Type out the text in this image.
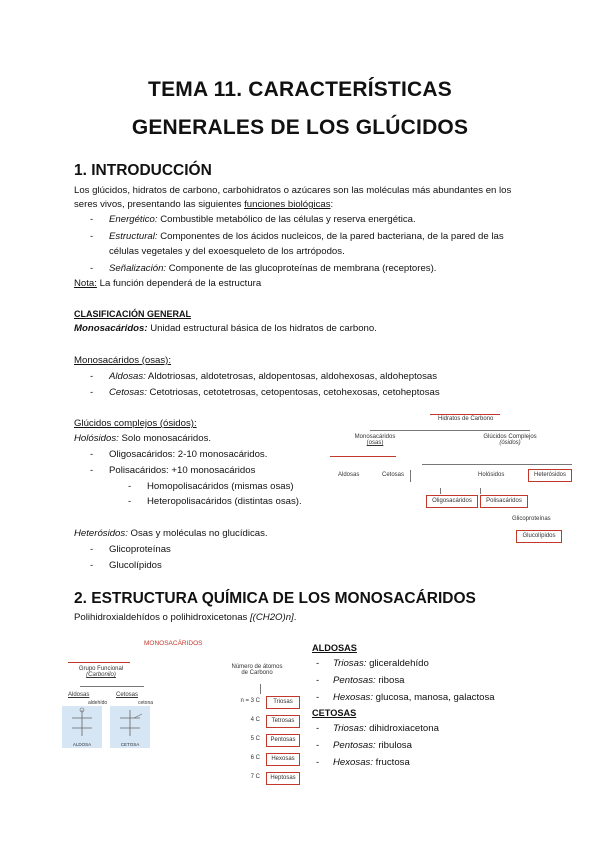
TEMA 11. CARACTERÍSTICAS
GENERALES DE LOS GLÚCIDOS
1. INTRODUCCIÓN
Los glúcidos, hidratos de carbono, carbohidratos o azúcares son las moléculas más abundantes en los
seres vivos, presentando las siguientes funciones biológicas:
- Energético: Combustible metabólico de las células y reserva energética.
- Estructural: Componentes de los ácidos nucleicos, de la pared bacteriana, de la pared de las
células vegetales y del exoesqueleto de los artrópodos.
- Señalización: Componente de las glucoproteínas de membrana (receptores).
Nota: La función dependerá de la estructura
CLASIFICACIÓN GENERAL
Monosacáridos: Unidad estructural básica de los hidratos de carbono.
Monosacáridos (osas):
- Aldosas: Aldotriosas, aldotetrosas, aldopentosas, aldohexosas, aldoheptosas
- Cetosas: Cetotriosas, cetotetrosas, cetopentosas, cetohexosas, cetoheptosas
Glúcidos complejos (ósidos):
Holósidos: Solo monosacáridos.
- Oligosacáridos: 2-10 monosacáridos.
- Polisacáridos: +10 monosacáridos
- Homopolisacáridos (mismas osas)
- Heteropolisacáridos (distintas osas).
Heterósidos: Osas y moléculas no glucídicas.
- Glicoproteínas
- Glucolípidos
Hidratos de Carbono
Monosacáridos
(osas)
Glúcidos Complejos
(ósidos)
Aldosas	Cetosas	Holósidos	Heterósidos
Oligosacáridos	Polisacáridos
Glicoproteínas
Glucolípidos
2. ESTRUCTURA QUÍMICA DE LOS MONOSACÁRIDOS
Polihidroxialdehídos o polihidroxicetonas [(CH2O)n].
MONOSACÁRIDOS
Grupo Funcional
(Carbonilo)
Aldosas
aldehído
Cetosas
cetona
ALDOSA	CETOSA
Número de átomos
de Carbono
n = 3 C	Triosas
4 C	Tetrosas
5 C	Pentosas
6 C	Hexosas
7 C	Heptosas
ALDOSAS
- Triosas: gliceraldehído
- Pentosas: ribosa
- Hexosas: glucosa, manosa, galactosa
CETOSAS
- Triosas: dihidroxiacetona
- Pentosas: ribulosa
- Hexosas: fructosa
